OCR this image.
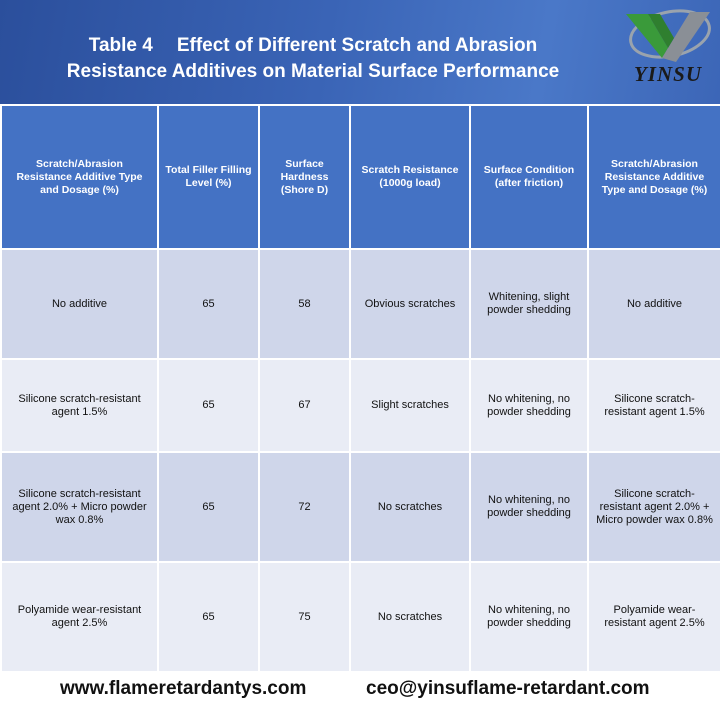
Table 4 Effect of Different Scratch and Abrasion
Resistance Additives on Material Surface Performance	YINSU
Scratch/Abrasion Resistance Additive Type and Dosage (%)	Total Filler Filling Level (%)	Surface Hardness (Shore D)	Scratch Resistance (1000g load)	Surface Condition (after friction)	Scratch/Abrasion Resistance Additive Type and Dosage (%)
No additive	65	58	Obvious scratches	Whitening, slight powder shedding	No additive
Silicone scratch-resistant agent 1.5%	65	67	Slight scratches	No whitening, no powder shedding	Silicone scratch-resistant agent 1.5%
Silicone scratch-resistant agent 2.0% + Micro powder wax 0.8%	65	72	No scratches	No whitening, no powder shedding	Silicone scratch-resistant agent 2.0% + Micro powder wax 0.8%
Polyamide wear-resistant agent 2.5%	65	75	No scratches	No whitening, no powder shedding	Polyamide wear-resistant agent 2.5%
www.flameretardantys.com	ceo@yinsuflame-retardant.com
